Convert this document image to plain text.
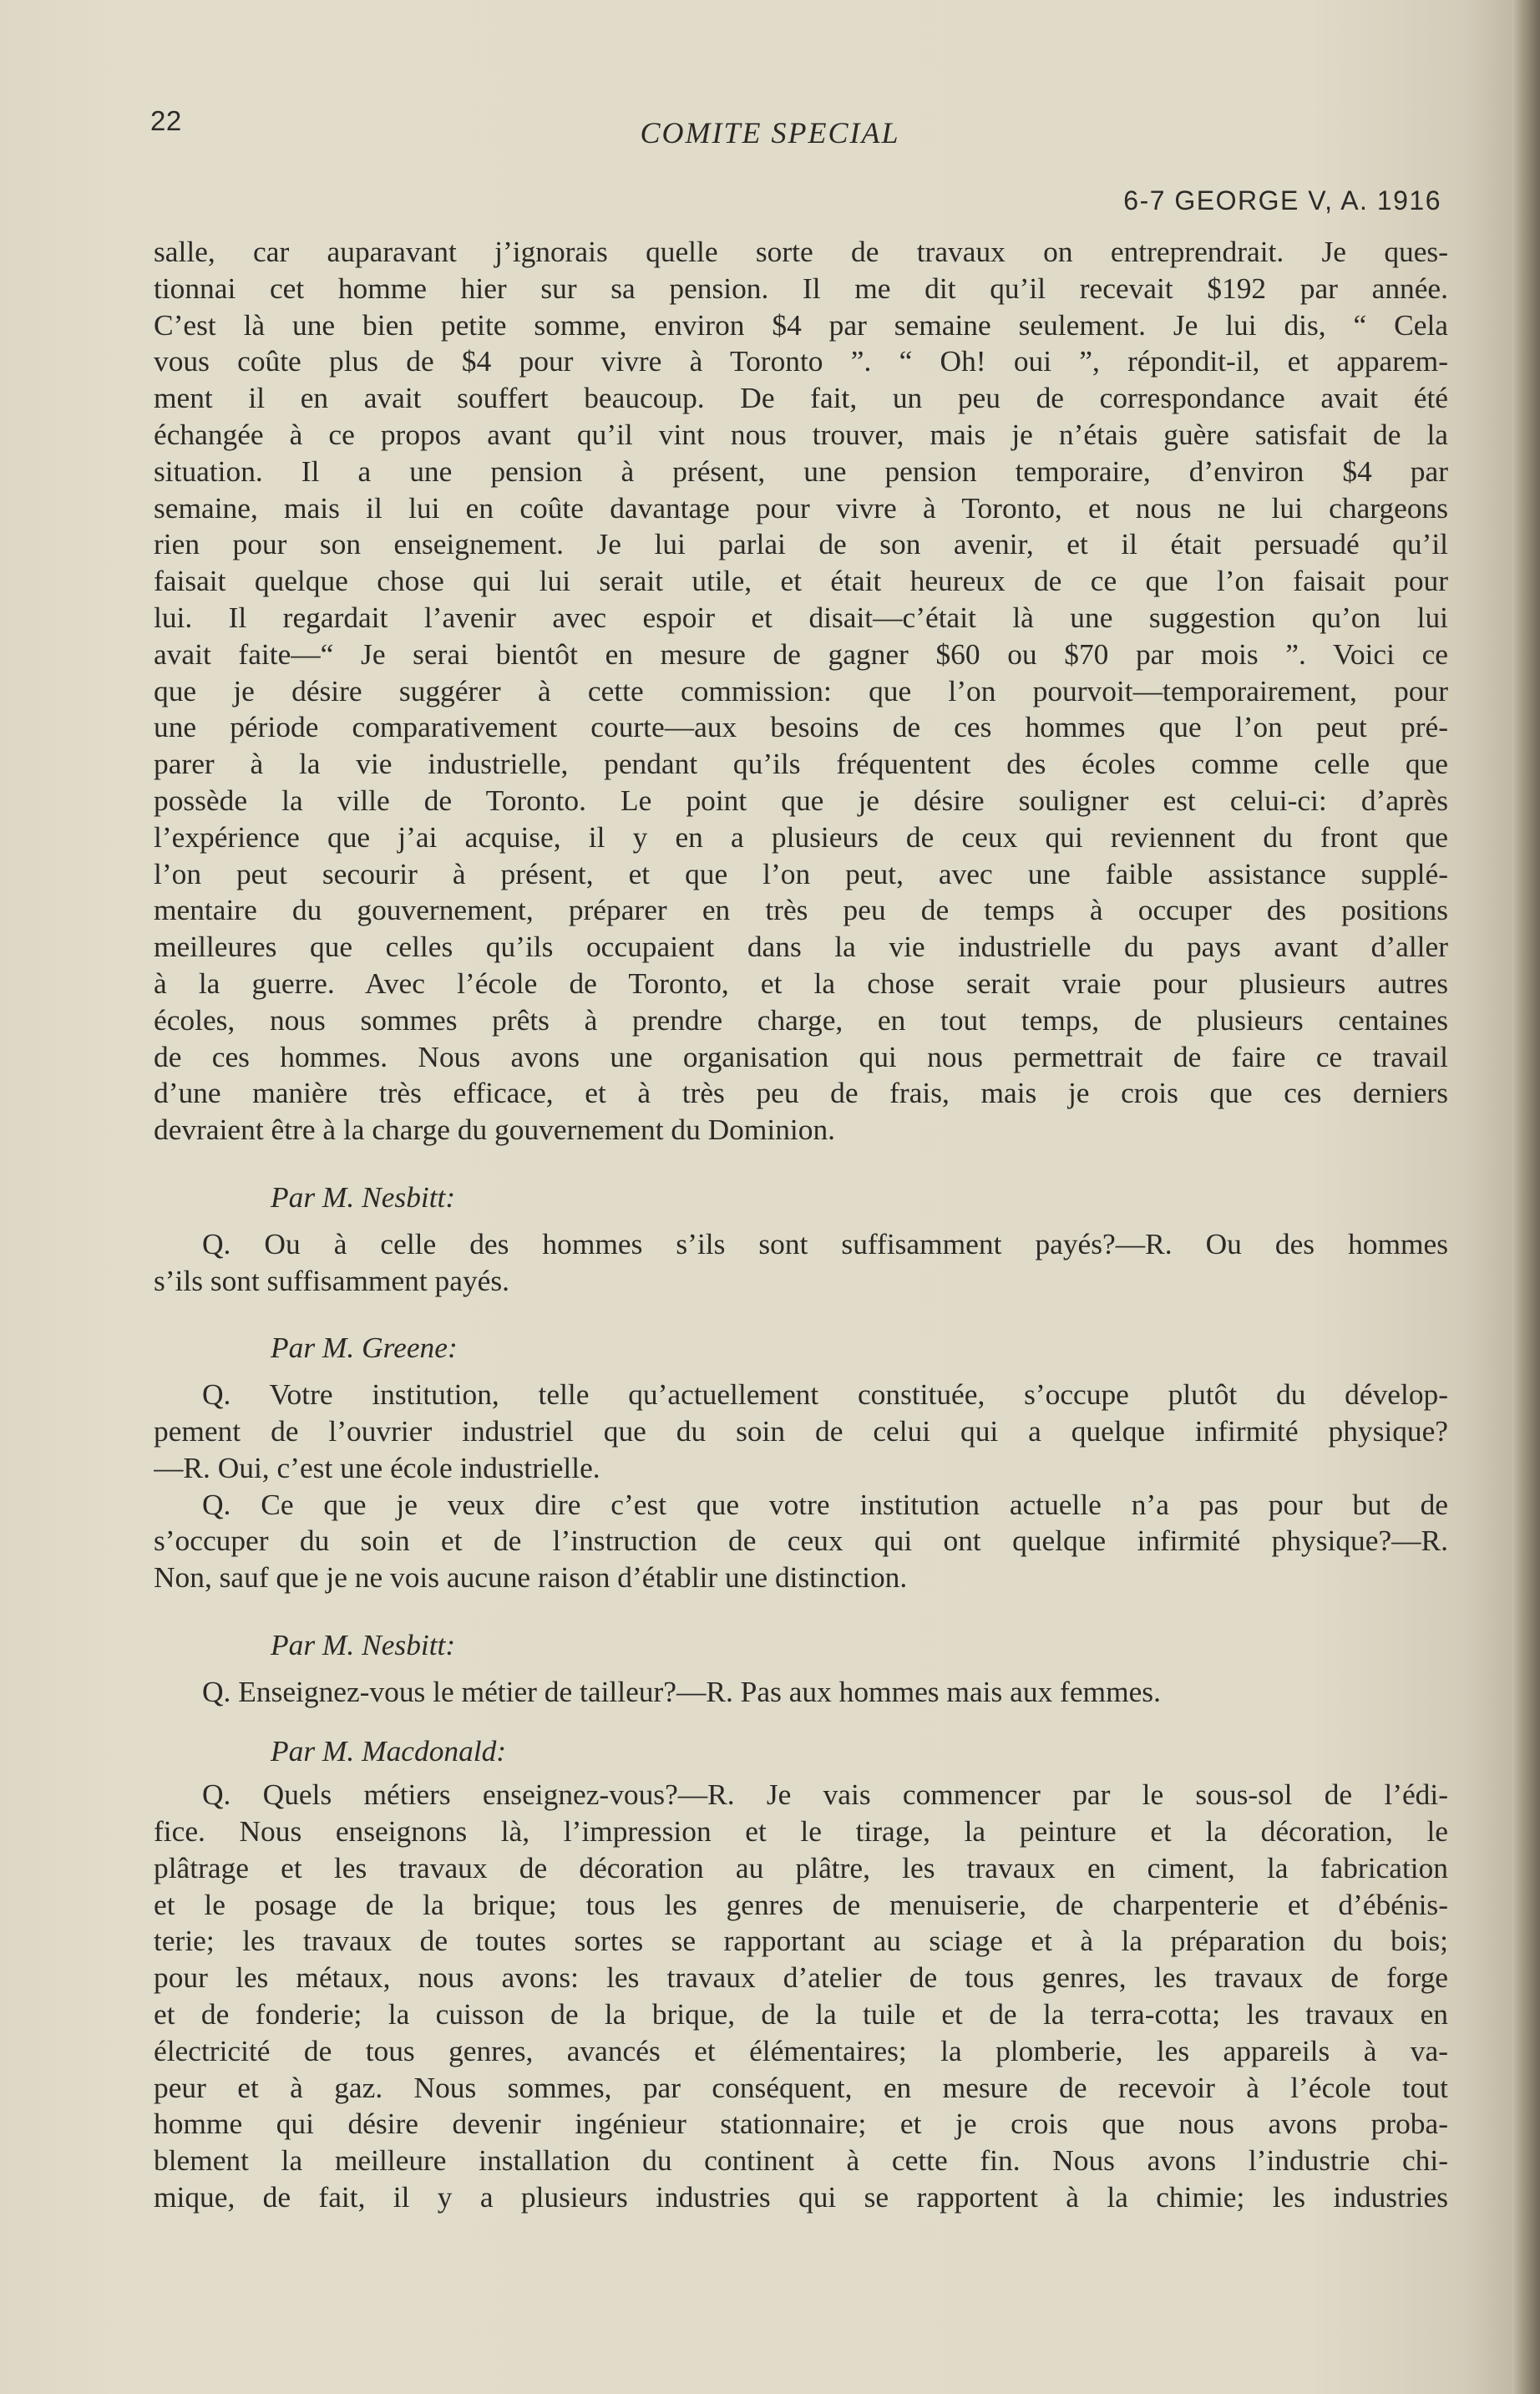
22	COMITE SPECIAL
6-7 GEORGE V, A. 1916
salle, car auparavant j’ignorais quelle sorte de travaux on entreprendrait. Je ques-
tionnai cet homme hier sur sa pension. Il me dit qu’il recevait $192 par année.
C’est là une bien petite somme, environ $4 par semaine seulement. Je lui dis, “ Cela
vous coûte plus de $4 pour vivre à Toronto ”. “ Oh! oui ”, répondit-il, et apparem-
ment il en avait souffert beaucoup. De fait, un peu de correspondance avait été
échangée à ce propos avant qu’il vint nous trouver, mais je n’étais guère satisfait de la
situation. Il a une pension à présent, une pension temporaire, d’environ $4 par
semaine, mais il lui en coûte davantage pour vivre à Toronto, et nous ne lui chargeons
rien pour son enseignement. Je lui parlai de son avenir, et il était persuadé qu’il
faisait quelque chose qui lui serait utile, et était heureux de ce que l’on faisait pour
lui. Il regardait l’avenir avec espoir et disait—c’était là une suggestion qu’on lui
avait faite—“ Je serai bientôt en mesure de gagner $60 ou $70 par mois ”. Voici ce
que je désire suggérer à cette commission: que l’on pourvoit—temporairement, pour
une période comparativement courte—aux besoins de ces hommes que l’on peut pré-
parer à la vie industrielle, pendant qu’ils fréquentent des écoles comme celle que
possède la ville de Toronto. Le point que je désire souligner est celui-ci: d’après
l’expérience que j’ai acquise, il y en a plusieurs de ceux qui reviennent du front que
l’on peut secourir à présent, et que l’on peut, avec une faible assistance supplé-
mentaire du gouvernement, préparer en très peu de temps à occuper des positions
meilleures que celles qu’ils occupaient dans la vie industrielle du pays avant d’aller
à la guerre. Avec l’école de Toronto, et la chose serait vraie pour plusieurs autres
écoles, nous sommes prêts à prendre charge, en tout temps, de plusieurs centaines
de ces hommes. Nous avons une organisation qui nous permettrait de faire ce travail
d’une manière très efficace, et à très peu de frais, mais je crois que ces derniers
devraient être à la charge du gouvernement du Dominion.
Par M. Nesbitt:
Q. Ou à celle des hommes s’ils sont suffisamment payés?—R. Ou des hommes
s’ils sont suffisamment payés.
Par M. Greene:
Q. Votre institution, telle qu’actuellement constituée, s’occupe plutôt du dévelop-
pement de l’ouvrier industriel que du soin de celui qui a quelque infirmité physique?
—R. Oui, c’est une école industrielle.
Q. Ce que je veux dire c’est que votre institution actuelle n’a pas pour but de
s’occuper du soin et de l’instruction de ceux qui ont quelque infirmité physique?—R.
Non, sauf que je ne vois aucune raison d’établir une distinction.
Par M. Nesbitt:
Q. Enseignez-vous le métier de tailleur?—R. Pas aux hommes mais aux femmes.
Par M. Macdonald:
Q. Quels métiers enseignez-vous?—R. Je vais commencer par le sous-sol de l’édi-
fice. Nous enseignons là, l’impression et le tirage, la peinture et la décoration, le
plâtrage et les travaux de décoration au plâtre, les travaux en ciment, la fabrication
et le posage de la brique; tous les genres de menuiserie, de charpenterie et d’ébénis-
terie; les travaux de toutes sortes se rapportant au sciage et à la préparation du bois;
pour les métaux, nous avons: les travaux d’atelier de tous genres, les travaux de forge
et de fonderie; la cuisson de la brique, de la tuile et de la terra-cotta; les travaux en
électricité de tous genres, avancés et élémentaires; la plomberie, les appareils à va-
peur et à gaz. Nous sommes, par conséquent, en mesure de recevoir à l’école tout
homme qui désire devenir ingénieur stationnaire; et je crois que nous avons proba-
blement la meilleure installation du continent à cette fin. Nous avons l’industrie chi-
mique, de fait, il y a plusieurs industries qui se rapportent à la chimie; les industries
